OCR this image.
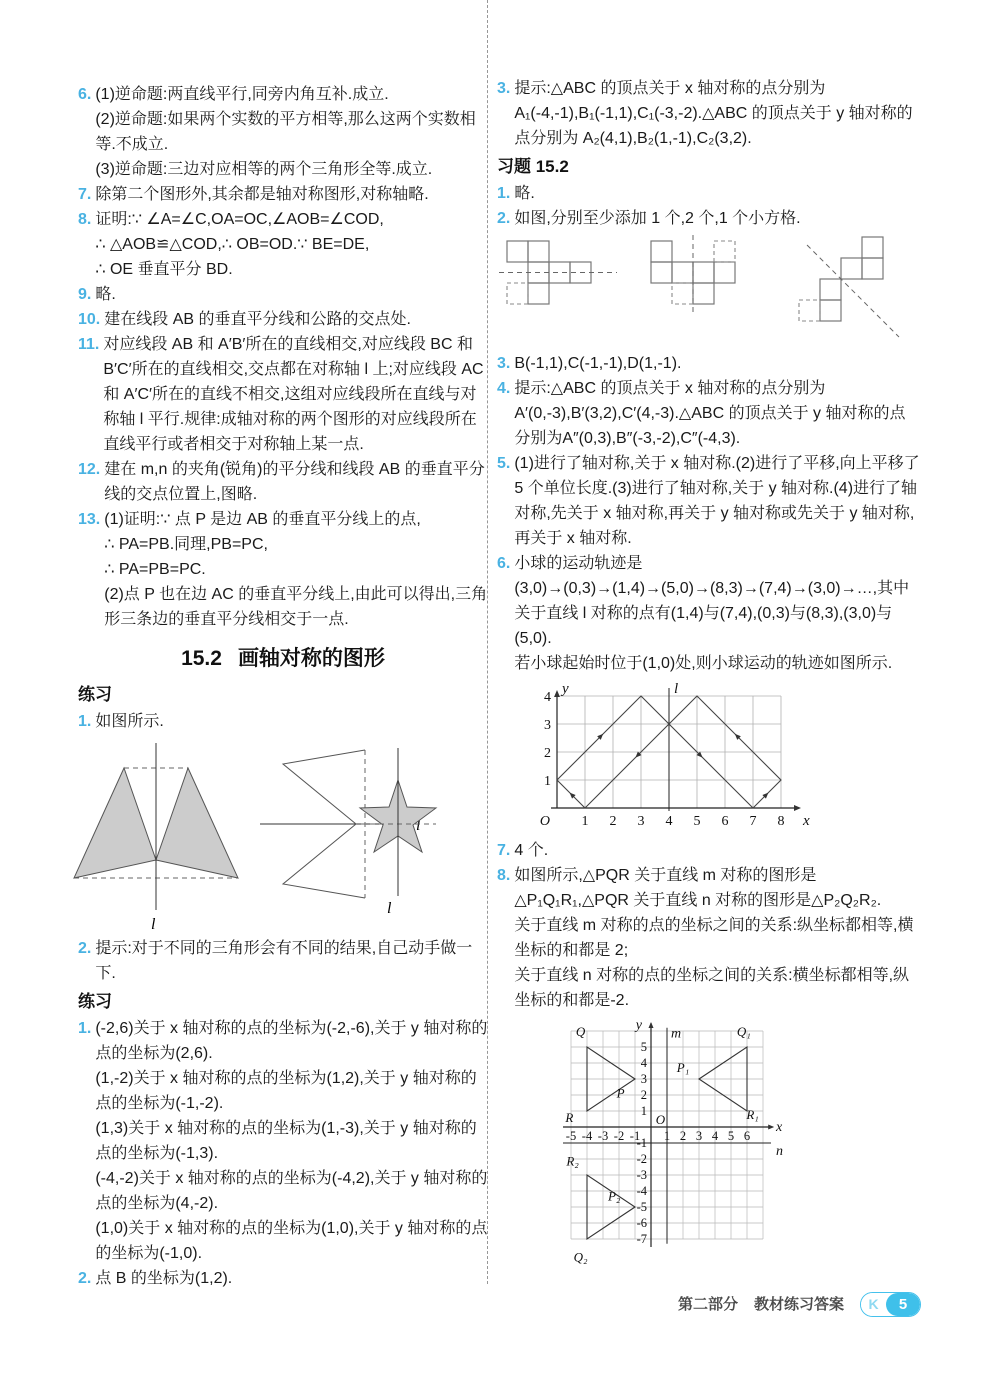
6. (1)逆命题:两直线平行,同旁内角互补.成立.
(2)逆命题:如果两个实数的平方相等,那么这两个实数相等.不成立.
(3)逆命题:三边对应相等的两个三角形全等.成立.
7. 除第二个图形外,其余都是轴对称图形,对称轴略.
8. 证明:∵ ∠A=∠C,OA=OC,∠AOB=∠COD,
∴ △AOB≌△COD,∴ OB=OD.∵ BE=DE,
∴ OE 垂直平分 BD.
9. 略.
10. 建在线段 AB 的垂直平分线和公路的交点处.
11. 对应线段 AB 和 A′B′所在的直线相交,对应线段 BC 和 B′C′所在的直线相交,交点都在对称轴 l 上;对应线段 AC 和 A′C′所在的直线不相交,这组对应线段所在直线与对称轴 l 平行.规律:成轴对称的两个图形的对应线段所在直线平行或者相交于对称轴上某一点.
12. 建在 m,n 的夹角(锐角)的平分线和线段 AB 的垂直平分线的交点位置上,图略.
13. (1)证明:∵ 点 P 是边 AB 的垂直平分线上的点,
∴ PA=PB.同理,PB=PC,
∴ PA=PB=PC.
(2)点 P 也在边 AC 的垂直平分线上,由此可以得出,三角形三条边的垂直平分线相交于一点.
15.2 画轴对称的图形
练习
1. 如图所示.
l
l
l
2. 提示:对于不同的三角形会有不同的结果,自己动手做一下.
练习
1. (-2,6)关于 x 轴对称的点的坐标为(-2,-6),关于 y 轴对称的点的坐标为(2,6).
(1,-2)关于 x 轴对称的点的坐标为(1,2),关于 y 轴对称的点的坐标为(-1,-2).
(1,3)关于 x 轴对称的点的坐标为(1,-3),关于 y 轴对称的点的坐标为(-1,3).
(-4,-2)关于 x 轴对称的点的坐标为(-4,2),关于 y 轴对称的点的坐标为(4,-2).
(1,0)关于 x 轴对称的点的坐标为(1,0),关于 y 轴对称的点的坐标为(-1,0).
2. 点 B 的坐标为(1,2).
3. 提示:△ABC 的顶点关于 x 轴对称的点分别为 A₁(-4,-1),B₁(-1,1),C₁(-3,-2).△ABC 的顶点关于 y 轴对称的点分别为 A₂(4,1),B₂(1,-1),C₂(3,2).
习题 15.2
1. 略.
2. 如图,分别至少添加 1 个,2 个,1 个小方格.
3. B(-1,1),C(-1,-1),D(1,-1).
4. 提示:△ABC 的顶点关于 x 轴对称的点分别为 A′(0,-3),B′(3,2),C′(4,-3).△ABC 的顶点关于 y 轴对称的点分别为A″(0,3),B″(-3,-2),C″(-4,3).
5. (1)进行了轴对称,关于 x 轴对称.(2)进行了平移,向上平移了 5 个单位长度.(3)进行了轴对称,关于 y 轴对称.(4)进行了轴对称,先关于 x 轴对称,再关于 y 轴对称或先关于 y 轴对称,再关于 x 轴对称.
6. 小球的运动轨迹是(3,0)→(0,3)→(1,4)→(5,0)→(8,3)→(7,4)→(3,0)→…,其中关于直线 l 对称的点有(1,4)与(7,4),(0,3)与(8,3),(3,0)与(5,0).
若小球起始时位于(1,0)处,则小球运动的轨迹如图所示.
l
y
x
O 1 2 3 4 5 6 7 8
1
2
3
4
7. 4 个.
8. 如图所示,△PQR 关于直线 m 对称的图形是△P₁Q₁R₁,△PQR 关于直线 n 对称的图形是△P₂Q₂R₂.
关于直线 m 对称的点的坐标之间的关系:纵坐标都相等,横坐标的和都是 2;
关于直线 n 对称的点的坐标之间的关系:横坐标都相等,纵坐标的和都是-2.
y
x
O
m
n
-5 -4 -3 -2 -1 1 2 3 4 5 6
5
4
3
2
1
-1
-2
-3
-4
-5
-6
-7
P
Q
R
P₁
Q₁
R₁
P₂
Q₂
R₂
第二部分 教材练习答案	K	5
